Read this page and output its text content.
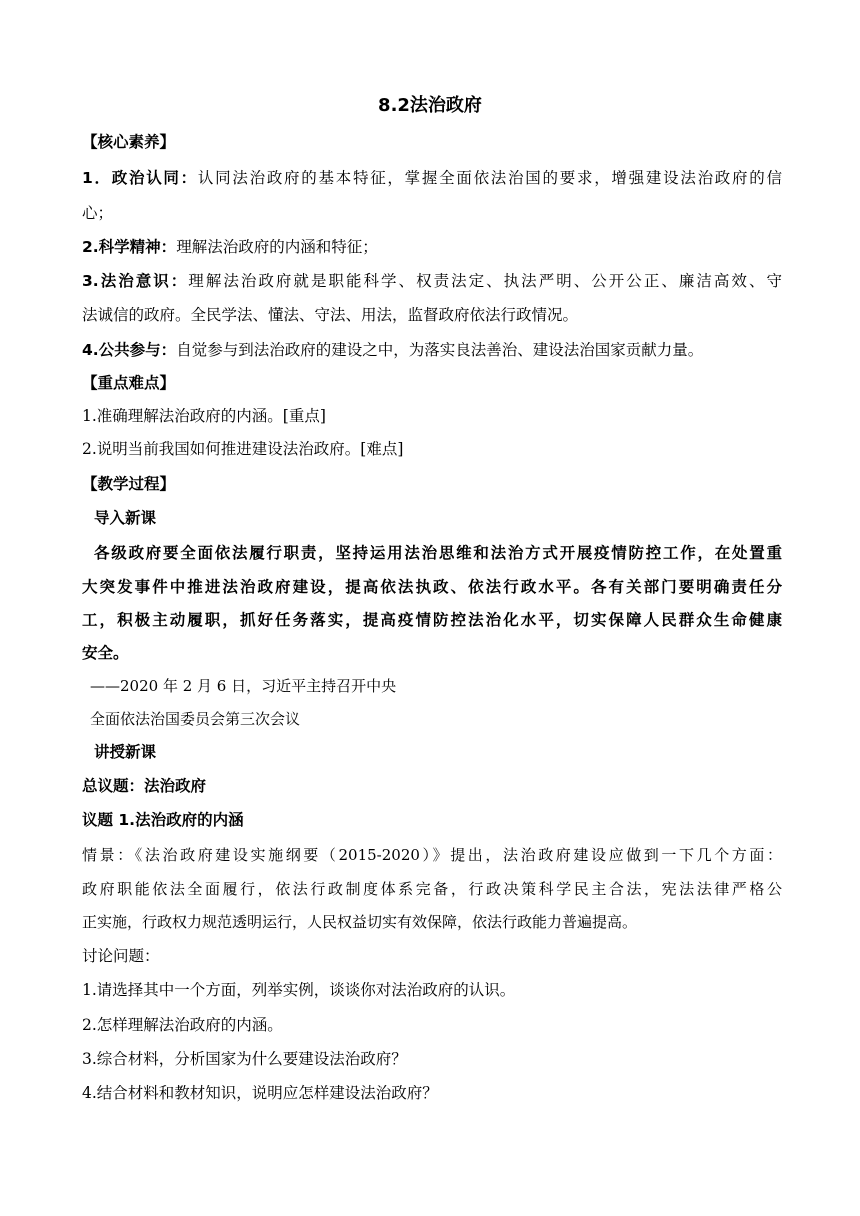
8.2法治政府
【核心素养】
1．政治认同：认同法治政府的基本特征，掌握全面依法治国的要求，增强建设法治政府的信
心；
2.科学精神：理解法治政府的内涵和特征；
3.法治意识：理解法治政府就是职能科学、权责法定、执法严明、公开公正、廉洁高效、守
法诚信的政府。全民学法、懂法、守法、用法，监督政府依法行政情况。
4.公共参与：自觉参与到法治政府的建设之中，为落实良法善治、建设法治国家贡献力量。
【重点难点】
1.准确理解法治政府的内涵。[重点]
2.说明当前我国如何推进建设法治政府。[难点]
【教学过程】
导入新课
各级政府要全面依法履行职责，坚持运用法治思维和法治方式开展疫情防控工作，在处置重
大突发事件中推进法治政府建设，提高依法执政、依法行政水平。各有关部门要明确责任分
工，积极主动履职，抓好任务落实，提高疫情防控法治化水平，切实保障人民群众生命健康
安全。
——2020 年 2 月 6 日，习近平主持召开中央
全面依法治国委员会第三次会议
讲授新课
总议题：法治政府
议题 1.法治政府的内涵
情景：《法治政府建设实施纲要（2015-2020）》提出，法治政府建设应做到一下几个方面：
政府职能依法全面履行，依法行政制度体系完备，行政决策科学民主合法，宪法法律严格公
正实施，行政权力规范透明运行，人民权益切实有效保障，依法行政能力普遍提高。
讨论问题：
1.请选择其中一个方面，列举实例，谈谈你对法治政府的认识。
2.怎样理解法治政府的内涵。
3.综合材料，分析国家为什么要建设法治政府？
4.结合材料和教材知识，说明应怎样建设法治政府？
